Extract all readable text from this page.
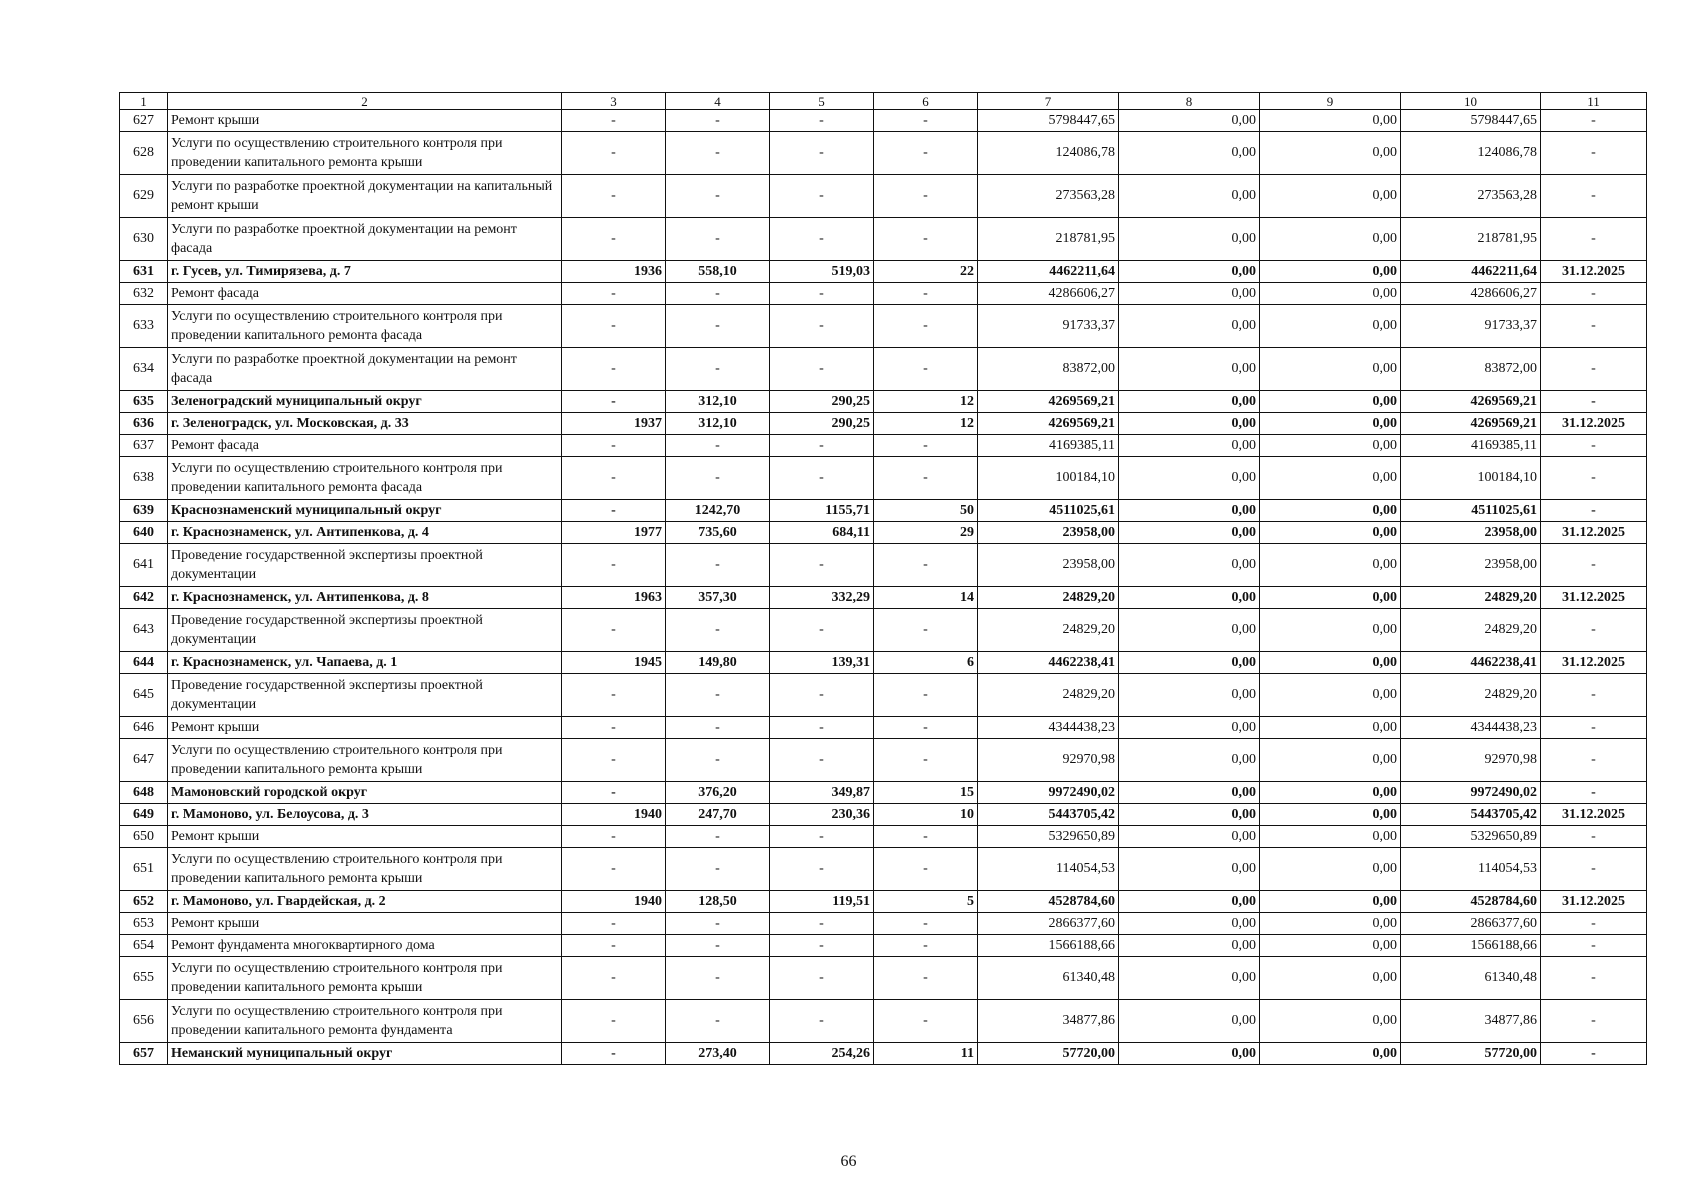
1	2	3	4	5	6	7	8	9	10	11
627	Ремонт крыши	-	-	-	-	5798447,65	0,00	0,00	5798447,65	-
628	Услуги по осуществлению строительного контроля при проведении капитального ремонта крыши	-	-	-	-	124086,78	0,00	0,00	124086,78	-
629	Услуги по разработке проектной документации на капитальный ремонт крыши	-	-	-	-	273563,28	0,00	0,00	273563,28	-
630	Услуги по разработке проектной документации на ремонт фасада	-	-	-	-	218781,95	0,00	0,00	218781,95	-
631	г. Гусев, ул. Тимирязева, д. 7	1936	558,10	519,03	22	4462211,64	0,00	0,00	4462211,64	31.12.2025
632	Ремонт фасада	-	-	-	-	4286606,27	0,00	0,00	4286606,27	-
633	Услуги по осуществлению строительного контроля при проведении капитального ремонта фасада	-	-	-	-	91733,37	0,00	0,00	91733,37	-
634	Услуги по разработке проектной документации на ремонт фасада	-	-	-	-	83872,00	0,00	0,00	83872,00	-
635	Зеленоградский муниципальный округ	-	312,10	290,25	12	4269569,21	0,00	0,00	4269569,21	-
636	г. Зеленоградск, ул. Московская, д. 33	1937	312,10	290,25	12	4269569,21	0,00	0,00	4269569,21	31.12.2025
637	Ремонт фасада	-	-	-	-	4169385,11	0,00	0,00	4169385,11	-
638	Услуги по осуществлению строительного контроля при проведении капитального ремонта фасада	-	-	-	-	100184,10	0,00	0,00	100184,10	-
639	Краснознаменский муниципальный округ	-	1242,70	1155,71	50	4511025,61	0,00	0,00	4511025,61	-
640	г. Краснознаменск, ул. Антипенкова, д. 4	1977	735,60	684,11	29	23958,00	0,00	0,00	23958,00	31.12.2025
641	Проведение государственной экспертизы проектной документации	-	-	-	-	23958,00	0,00	0,00	23958,00	-
642	г. Краснознаменск, ул. Антипенкова, д. 8	1963	357,30	332,29	14	24829,20	0,00	0,00	24829,20	31.12.2025
643	Проведение государственной экспертизы проектной документации	-	-	-	-	24829,20	0,00	0,00	24829,20	-
644	г. Краснознаменск, ул. Чапаева, д. 1	1945	149,80	139,31	6	4462238,41	0,00	0,00	4462238,41	31.12.2025
645	Проведение государственной экспертизы проектной документации	-	-	-	-	24829,20	0,00	0,00	24829,20	-
646	Ремонт крыши	-	-	-	-	4344438,23	0,00	0,00	4344438,23	-
647	Услуги по осуществлению строительного контроля при проведении капитального ремонта крыши	-	-	-	-	92970,98	0,00	0,00	92970,98	-
648	Мамоновский городской округ	-	376,20	349,87	15	9972490,02	0,00	0,00	9972490,02	-
649	г. Мамоново, ул. Белоусова, д. 3	1940	247,70	230,36	10	5443705,42	0,00	0,00	5443705,42	31.12.2025
650	Ремонт крыши	-	-	-	-	5329650,89	0,00	0,00	5329650,89	-
651	Услуги по осуществлению строительного контроля при проведении капитального ремонта крыши	-	-	-	-	114054,53	0,00	0,00	114054,53	-
652	г. Мамоново, ул. Гвардейская, д. 2	1940	128,50	119,51	5	4528784,60	0,00	0,00	4528784,60	31.12.2025
653	Ремонт крыши	-	-	-	-	2866377,60	0,00	0,00	2866377,60	-
654	Ремонт фундамента многоквартирного дома	-	-	-	-	1566188,66	0,00	0,00	1566188,66	-
655	Услуги по осуществлению строительного контроля при проведении капитального ремонта крыши	-	-	-	-	61340,48	0,00	0,00	61340,48	-
656	Услуги по осуществлению строительного контроля при проведении капитального ремонта фундамента	-	-	-	-	34877,86	0,00	0,00	34877,86	-
657	Неманский муниципальный округ	-	273,40	254,26	11	57720,00	0,00	0,00	57720,00	-
66
